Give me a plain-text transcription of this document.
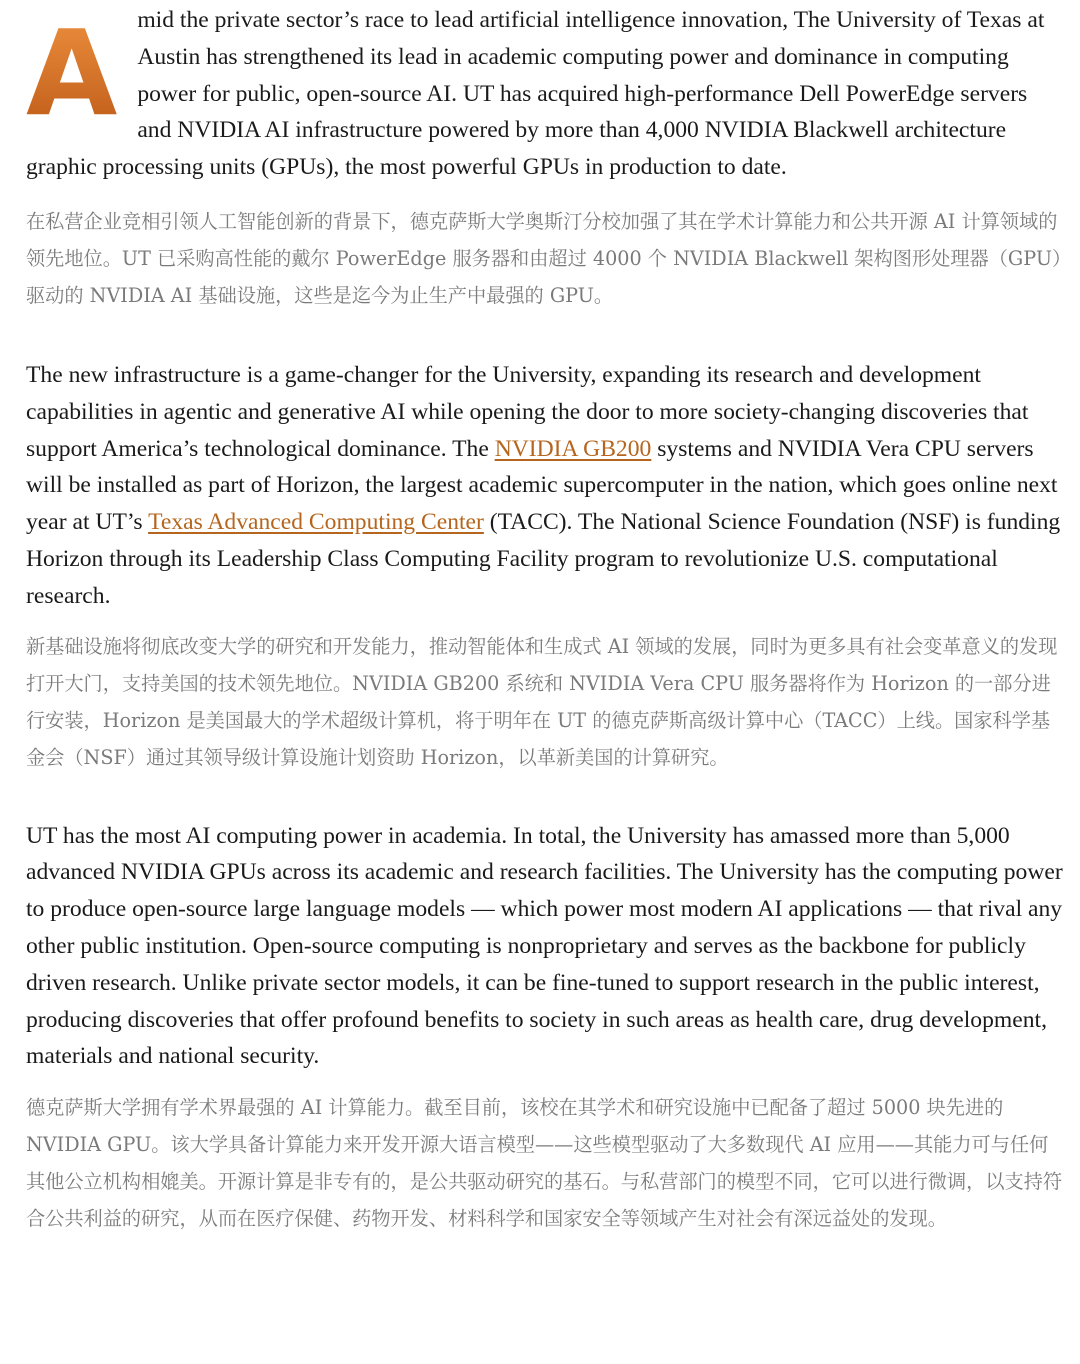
A mid the private sector’s race to lead artificial intelligence innovation, The University of Texas at Austin has strengthened its lead in academic computing power and dominance in computing power for public, open-source AI. UT has acquired high-performance Dell PowerEdge servers and NVIDIA AI infrastructure powered by more than 4,000 NVIDIA Blackwell architecture graphic processing units (GPUs), the most powerful GPUs in production to date.

在私营企业竞相引领人工智能创新的背景下，德克萨斯大学奥斯汀分校加强了其在学术计算能力和公共开源 AI 计算领域的领先地位。UT 已采购高性能的戴尔 PowerEdge 服务器和由超过 4000 个 NVIDIA Blackwell 架构图形处理器（GPU）驱动的 NVIDIA AI 基础设施，这些是迄今为止生产中最强的 GPU。

The new infrastructure is a game-changer for the University, expanding its research and development capabilities in agentic and generative AI while opening the door to more society-changing discoveries that support America’s technological dominance. The NVIDIA GB200 systems and NVIDIA Vera CPU servers will be installed as part of Horizon, the largest academic supercomputer in the nation, which goes online next year at UT’s Texas Advanced Computing Center (TACC). The National Science Foundation (NSF) is funding Horizon through its Leadership Class Computing Facility program to revolutionize U.S. computational research.

新基础设施将彻底改变大学的研究和开发能力，推动智能体和生成式 AI 领域的发展，同时为更多具有社会变革意义的发现打开大门，支持美国的技术领先地位。NVIDIA GB200 系统和 NVIDIA Vera CPU 服务器将作为 Horizon 的一部分进行安装，Horizon 是美国最大的学术超级计算机，将于明年在 UT 的德克萨斯高级计算中心（TACC）上线。国家科学基金会（NSF）通过其领导级计算设施计划资助 Horizon，以革新美国的计算研究。

UT has the most AI computing power in academia. In total, the University has amassed more than 5,000 advanced NVIDIA GPUs across its academic and research facilities. The University has the computing power to produce open-source large language models — which power most modern AI applications — that rival any other public institution. Open-source computing is nonproprietary and serves as the backbone for publicly driven research. Unlike private sector models, it can be fine-tuned to support research in the public interest, producing discoveries that offer profound benefits to society in such areas as health care, drug development, materials and national security.

德克萨斯大学拥有学术界最强的 AI 计算能力。截至目前，该校在其学术和研究设施中已配备了超过 5000 块先进的 NVIDIA GPU。该大学具备计算能力来开发开源大语言模型——这些模型驱动了大多数现代 AI 应用——其能力可与任何其他公立机构相媲美。开源计算是非专有的，是公共驱动研究的基石。与私营部门的模型不同，它可以进行微调，以支持符合公共利益的研究，从而在医疗保健、药物开发、材料科学和国家安全等领域产生对社会有深远益处的发现。
